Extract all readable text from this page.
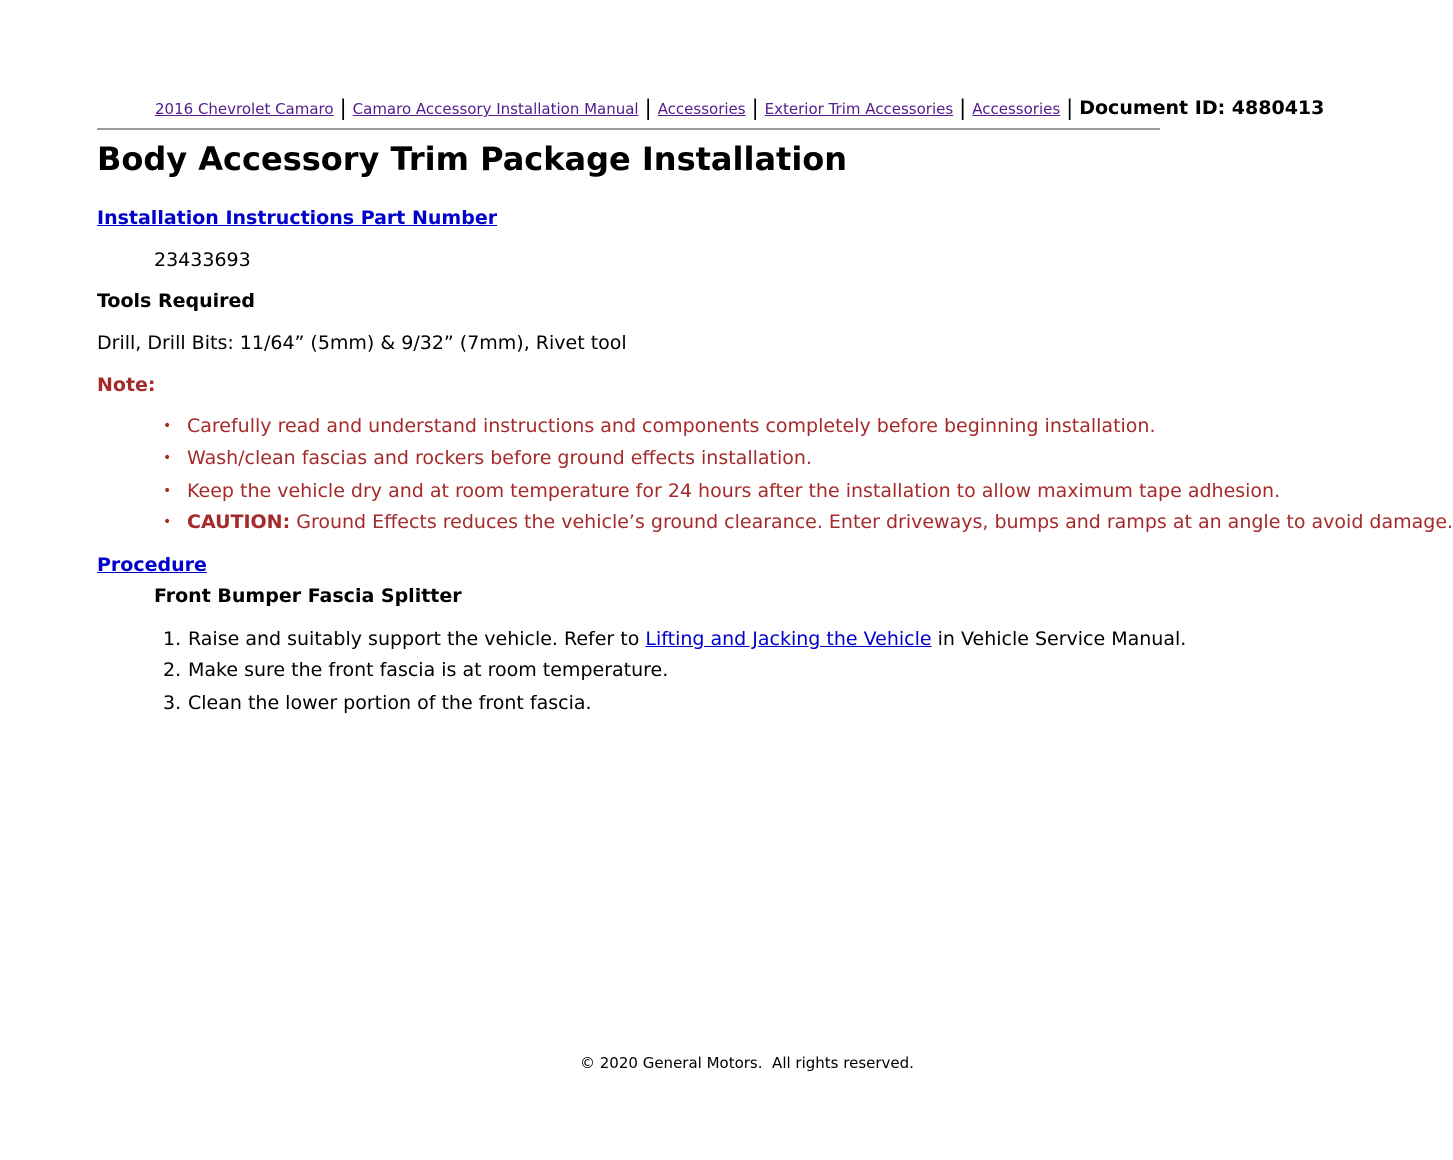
2016 Chevrolet Camaro | Camaro Accessory Installation Manual | Accessories | Exterior Trim Accessories | Accessories | Document ID: 4880413
Body Accessory Trim Package Installation
Installation Instructions Part Number
23433693
Tools Required
Drill, Drill Bits: 11/64” (5mm) & 9/32” (7mm), Rivet tool
Note:
• Carefully read and understand instructions and components completely before beginning installation.
• Wash/clean fascias and rockers before ground effects installation.
• Keep the vehicle dry and at room temperature for 24 hours after the installation to allow maximum tape adhesion.
• CAUTION: Ground Effects reduces the vehicle’s ground clearance. Enter driveways, bumps and ramps at an angle to avoid damage.
Procedure
Front Bumper Fascia Splitter
1. Raise and suitably support the vehicle. Refer to Lifting and Jacking the Vehicle in Vehicle Service Manual.
2. Make sure the front fascia is at room temperature.
3. Clean the lower portion of the front fascia.
© 2020 General Motors.  All rights reserved.
